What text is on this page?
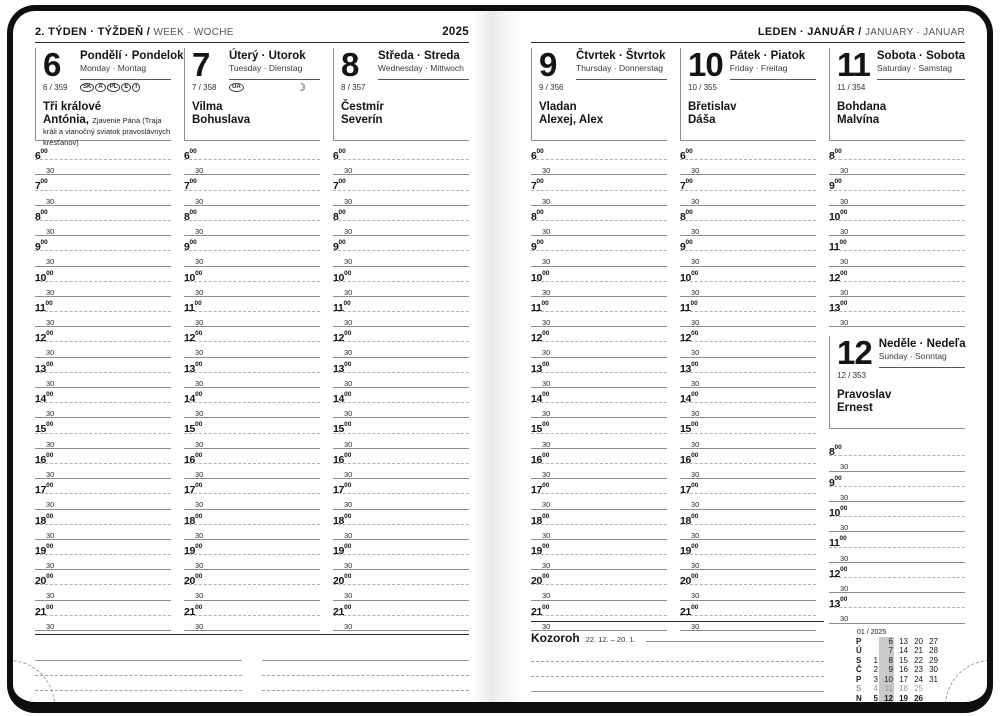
2. TÝDEN · TÝŽDEŇ / WEEK · WOCHE	2025
6	Pondělí · Pondelok
Monday · Montag
6 / 359	SK	A	PL	E	I
Tři králové
Antónia, Zjavenie Pána (Traja králi a vianočný sviatok pravoslávnych kresťanov)
$6^{00}$
30
$7^{00}$
30
$8^{00}$
30
$9^{00}$
30
$10^{00}$
30
$11^{00}$
30
$12^{00}$
30
$13^{00}$
30
$14^{00}$
30
$15^{00}$
30
$16^{00}$
30
$17^{00}$
30
$18^{00}$
30
$19^{00}$
30
$20^{00}$
30
$21^{00}$
30
7	Úterý · Utorok
Tuesday · Dienstag
7 / 358	UA	☽
Vilma
Bohuslava
$6^{00}$
30
$7^{00}$
30
$8^{00}$
30
$9^{00}$
30
$10^{00}$
30
$11^{00}$
30
$12^{00}$
30
$13^{00}$
30
$14^{00}$
30
$15^{00}$
30
$16^{00}$
30
$17^{00}$
30
$18^{00}$
30
$19^{00}$
30
$20^{00}$
30
$21^{00}$
30
8	Středa · Streda
Wednesday · Mittwoch
8 / 357
Čestmír
Severín
$6^{00}$
30
$7^{00}$
30
$8^{00}$
30
$9^{00}$
30
$10^{00}$
30
$11^{00}$
30
$12^{00}$
30
$13^{00}$
30
$14^{00}$
30
$15^{00}$
30
$16^{00}$
30
$17^{00}$
30
$18^{00}$
30
$19^{00}$
30
$20^{00}$
30
$21^{00}$
30
LEDEN · JANUÁR / JANUARY · JANUAR
9	Čtvrtek · Štvrtok
Thursday · Donnerstag
9 / 356
Vladan
Alexej, Alex
$6^{00}$
30
$7^{00}$
30
$8^{00}$
30
$9^{00}$
30
$10^{00}$
30
$11^{00}$
30
$12^{00}$
30
$13^{00}$
30
$14^{00}$
30
$15^{00}$
30
$16^{00}$
30
$17^{00}$
30
$18^{00}$
30
$19^{00}$
30
$20^{00}$
30
$21^{00}$
30
10 Pátek · Piatok
Friday · Freitag
10 / 355
Břetislav
Dáša
$6^{00}$
30
$7^{00}$
30
$8^{00}$
30
$9^{00}$
30
$10^{00}$
30
$11^{00}$
30
$12^{00}$
30
$13^{00}$
30
$14^{00}$
30
$15^{00}$
30
$16^{00}$
30
$17^{00}$
30
$18^{00}$
30
$19^{00}$
30
$20^{00}$
30
$21^{00}$
30
11 Sobota · Sobota
Saturday · Samstag
11 / 354
Bohdana
Malvína
$8^{00}$
30
$9^{00}$
30
$10^{00}$
30
$11^{00}$
30
$12^{00}$
30
$13^{00}$
30
12 Neděle · Nedeľa
Sunday · Sonntag
12 / 353
Pravoslav
Ernest
$8^{00}$
30
$9^{00}$
30
$10^{00}$
30
$11^{00}$
30
$12^{00}$
30
$13^{00}$
30
01 / 2025
P		6	13	20	27
Ú		7	14	21	28
S	1	8	15	22	29
Č	2	9	16	23	30
P	3	10	17	24	31
S	4	11	18	25	
N	5	12	19	26	
Kozoroh 22. 12. – 20. 1.
